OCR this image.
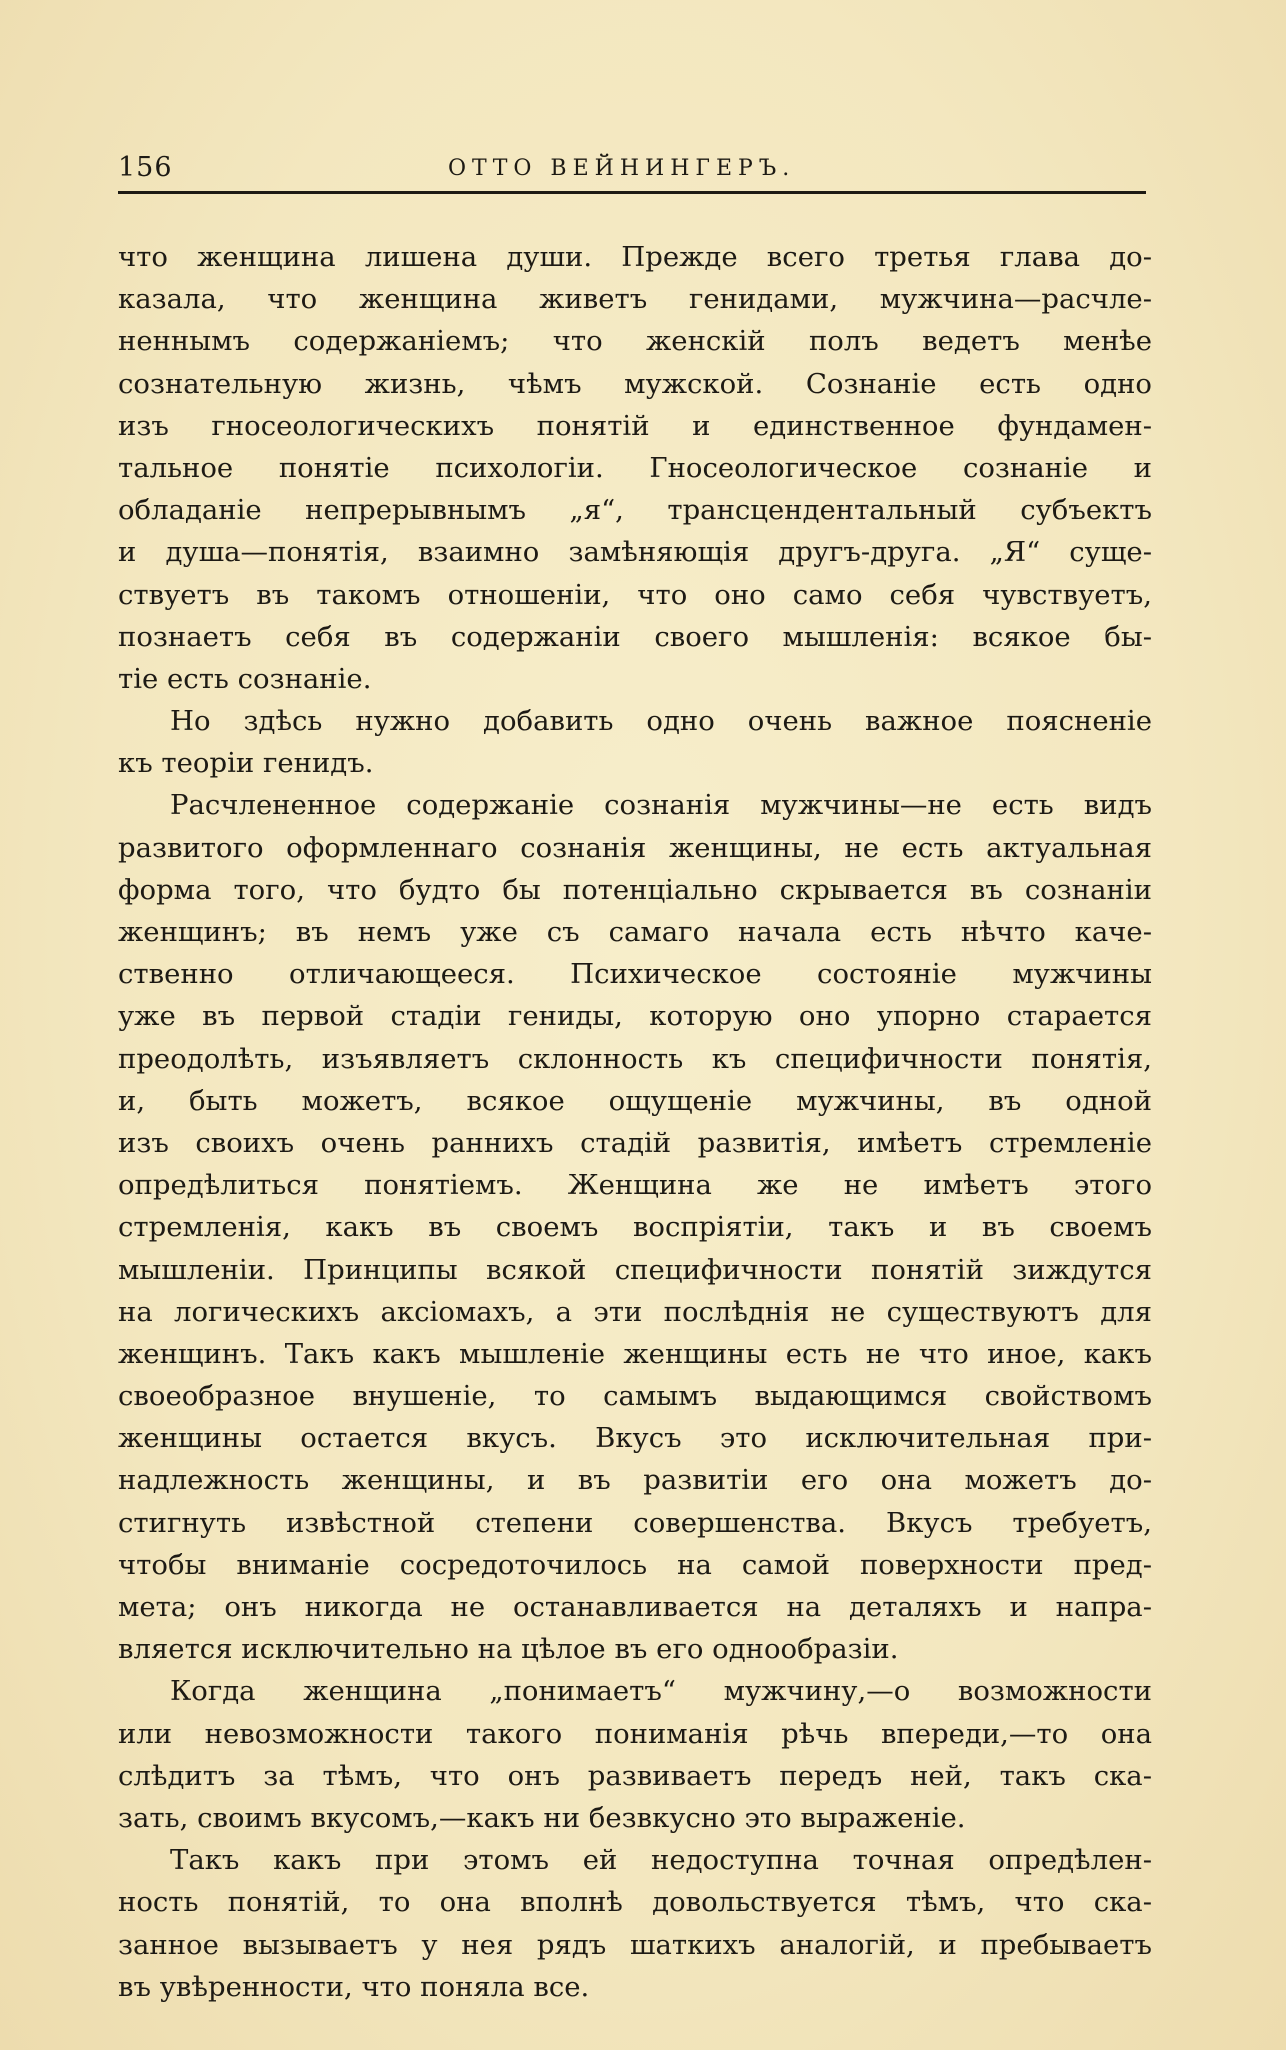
156	ОТТО ВЕЙНИНГЕРЪ.
что женщина лишена души. Прежде всего третья глава до-
казала, что женщина живетъ генидами, мужчина—расчле-
неннымъ содержаніемъ; что женскій полъ ведетъ менѣе
сознательную жизнь, чѣмъ мужской. Сознаніе есть одно
изъ гносеологическихъ понятій и единственное фундамен-
тальное понятіе психологіи. Гносеологическое сознаніе и
обладаніе непрерывнымъ „я“, трансцендентальный субъектъ
и душа—понятія, взаимно замѣняющія другъ-друга. „Я“ суще-
ствуетъ въ такомъ отношеніи, что оно само себя чувствуетъ,
познаетъ себя въ содержаніи своего мышленія: всякое бы-
тіе есть сознаніе.
Но здѣсь нужно добавить одно очень важное поясненіе
къ теоріи генидъ.
Расчлененное содержаніе сознанія мужчины—не есть видъ
развитого оформленнаго сознанія женщины, не есть актуальная
форма того, что будто бы потенціально скрывается въ сознаніи
женщинъ; въ немъ уже съ самаго начала есть нѣчто каче-
ственно отличающееся. Психическое состояніе мужчины
уже въ первой стадіи гениды, которую оно упорно старается
преодолѣть, изъявляетъ склонность къ специфичности понятія,
и, быть можетъ, всякое ощущеніе мужчины, въ одной
изъ своихъ очень раннихъ стадій развитія, имѣетъ стремленіе
опредѣлиться понятіемъ. Женщина же не имѣетъ этого
стремленія, какъ въ своемъ воспріятіи, такъ и въ своемъ
мышленіи. Принципы всякой специфичности понятій зиждутся
на логическихъ аксіомахъ, а эти послѣднія не существуютъ для
женщинъ. Такъ какъ мышленіе женщины есть не что иное, какъ
своеобразное внушеніе, то самымъ выдающимся свойствомъ
женщины остается вкусъ. Вкусъ это исключительная при-
надлежность женщины, и въ развитіи его она можетъ до-
стигнуть извѣстной степени совершенства. Вкусъ требуетъ,
чтобы вниманіе сосредоточилось на самой поверхности пред-
мета; онъ никогда не останавливается на деталяхъ и напра-
вляется исключительно на цѣлое въ его однообразіи.
Когда женщина „понимаетъ“ мужчину,—о возможности
или невозможности такого пониманія рѣчь впереди,—то она
слѣдитъ за тѣмъ, что онъ развиваетъ передъ ней, такъ ска-
зать, своимъ вкусомъ,—какъ ни безвкусно это выраженіе.
Такъ какъ при этомъ ей недоступна точная опредѣлен-
ность понятій, то она вполнѣ довольствуется тѣмъ, что ска-
занное вызываетъ у нея рядъ шаткихъ аналогій, и пребываетъ
въ увѣренности, что поняла все.
